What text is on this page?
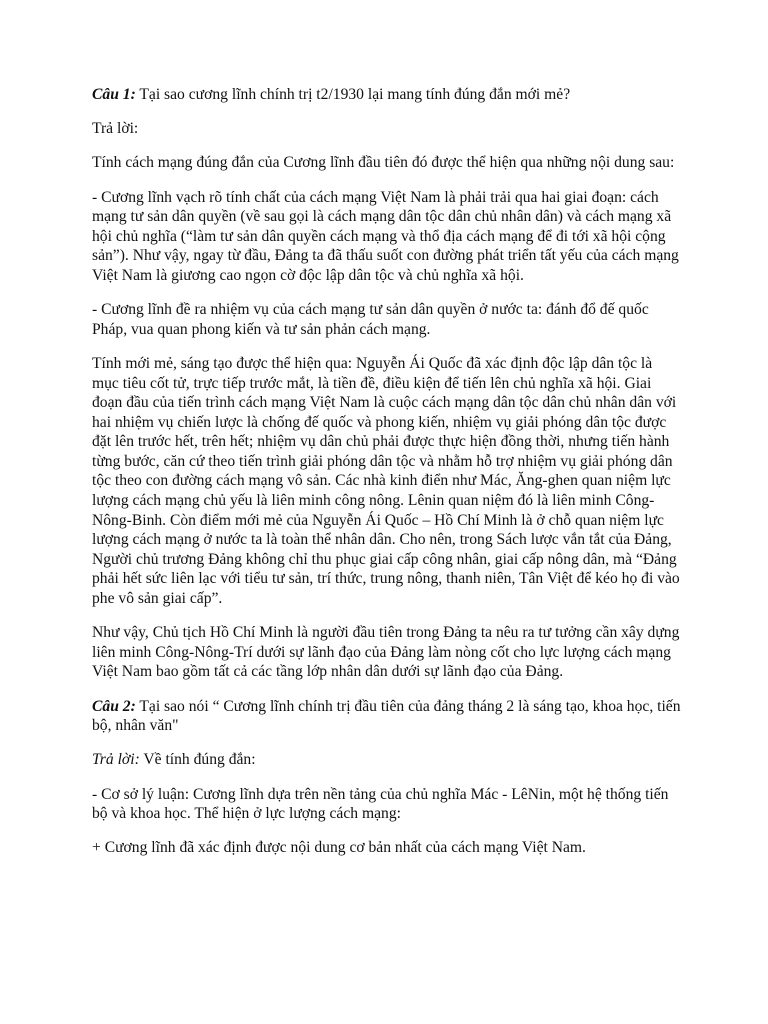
Câu 1: Tại sao cương lĩnh chính trị t2/1930 lại mang tính đúng đắn mới mẻ?

Trả lời:

Tính cách mạng đúng đắn của Cương lĩnh đầu tiên đó được thể hiện qua những nội dung sau:

- Cương lĩnh vạch rõ tính chất của cách mạng Việt Nam là phải trải qua hai giai đoạn: cách mạng tư sản dân quyền (về sau gọi là cách mạng dân tộc dân chủ nhân dân) và cách mạng xã hội chủ nghĩa (“làm tư sản dân quyền cách mạng và thổ địa cách mạng để đi tới xã hội cộng sản”). Như vậy, ngay từ đầu, Đảng ta đã thấu suốt con đường phát triển tất yếu của cách mạng Việt Nam là giương cao ngọn cờ độc lập dân tộc và chủ nghĩa xã hội.

- Cương lĩnh đề ra nhiệm vụ của cách mạng tư sản dân quyền ở nước ta: đánh đổ đế quốc Pháp, vua quan phong kiến và tư sản phản cách mạng.

Tính mới mẻ, sáng tạo được thể hiện qua: Nguyễn Ái Quốc đã xác định độc lập dân tộc là mục tiêu cốt tử, trực tiếp trước mắt, là tiền đề, điều kiện để tiến lên chủ nghĩa xã hội. Giai đoạn đầu của tiến trình cách mạng Việt Nam là cuộc cách mạng dân tộc dân chủ nhân dân với hai nhiệm vụ chiến lược là chống đế quốc và phong kiến, nhiệm vụ giải phóng dân tộc được đặt lên trước hết, trên hết; nhiệm vụ dân chủ phải được thực hiện đồng thời, nhưng tiến hành từng bước, căn cứ theo tiến trình giải phóng dân tộc và nhằm hỗ trợ nhiệm vụ giải phóng dân tộc theo con đường cách mạng vô sản. Các nhà kinh điển như Mác, Ăng-ghen quan niệm lực lượng cách mạng chủ yếu là liên minh công nông. Lênin quan niệm đó là liên minh Công-Nông-Binh. Còn điểm mới mẻ của Nguyễn Ái Quốc – Hồ Chí Minh là ở chỗ quan niệm lực lượng cách mạng ở nước ta là toàn thể nhân dân. Cho nên, trong Sách lược vắn tắt của Đảng, Người chủ trương Đảng không chỉ thu phục giai cấp công nhân, giai cấp nông dân, mà “Đảng phải hết sức liên lạc với tiểu tư sản, trí thức, trung nông, thanh niên, Tân Việt để kéo họ đi vào phe vô sản giai cấp”.

Như vậy, Chủ tịch Hồ Chí Minh là người đầu tiên trong Đảng ta nêu ra tư tưởng cần xây dựng liên minh Công-Nông-Trí dưới sự lãnh đạo của Đảng làm nòng cốt cho lực lượng cách mạng Việt Nam bao gồm tất cả các tầng lớp nhân dân dưới sự lãnh đạo của Đảng.

Câu 2: Tại sao nói “ Cương lĩnh chính trị đầu tiên của đảng tháng 2 là sáng tạo, khoa học, tiến bộ, nhân văn"

Trả lời: Về tính đúng đắn:

- Cơ sở lý luận: Cương lĩnh dựa trên nền tảng của chủ nghĩa Mác - LêNin, một hệ thống tiến bộ và khoa học. Thể hiện ở lực lượng cách mạng:

+ Cương lĩnh đã xác định được nội dung cơ bản nhất của cách mạng Việt Nam.
